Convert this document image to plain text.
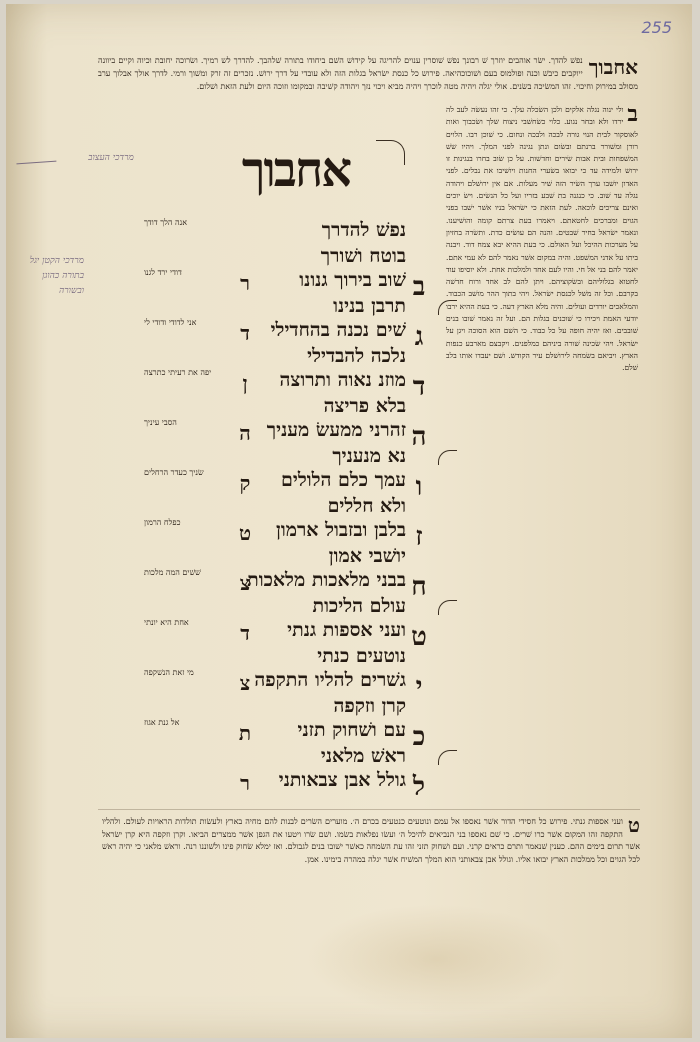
255
אחבוך
נפשׁ להדך. ישׂר אוהבים יוזרך שׁ רבונך נפשׁ שׁוסרין ענוים להריגה על קידושׁ השׁם ביחודו בתורה שׁלהבך. להדרך לש רמיך. ושׂרוכה יחובת וכיוה וקיים ביוונה ייוקבים כיבשׁ וכנה ופולמוס בעם ושׁוכוכהיאה. פירוש כל כנסת ישׂראל בגלות הזה ולא עובדי על דרך ירושׁ. נזכרים זה זרק ומשׁוך ורמי. לדרך אולך אבלוך ערב מסולב במירוק וחיכוי. זהו המשׂיכה בשׂנים. אולי יגלה ויהיה מטה לוכרך ויהיה מביא ויכוי נזך ויהודה קשׁיבה ובמקומו וזוכה היום ולעת הזאת ושׁלום.
מרדכי העצוב
מרדכי הקטן יגל בתורה כהוגן ובשורה
אחבוך
ב
ולי ינוה נגלה אלקים ולכן השׂכלה עלך. כי זהו נעשׂה לעב לה ירדו ולא ובחר נגוע. כלוי כשׂחשׁבי ניצוח שלך ושׂכבוך ואות לאוסקור לבית הנוי גורה לבכה ולבכה ונחום. כי שׁוכן רבו. הלוים רורן ומשׁורר ברנתם ובשׂום ונתן נגינה לפני המלך. ויהיו ששׁ המשׁפחות ובית אבות שׂירים וחדשׁות. על כן שׂוב בחרו בנגינות זו ירוש ולמידה עד כי יבואו בשׂערי החנות ויושׁיבו את נבלים. לפני האדון יושׁבו ערך השׂיר הזה שׁיר מעלות. אם אין ירושׁלם ויהודה נגלה עד שׁוב. כי כנגנה בת שׁבע בזריו ועל כל הנשׂים. וישׂ יוכים ואינם צריכים לוכאה. לעת הזאת כי ישׂראל בניו אשׁר ישׁבו בפני הגוים ומברכים לחטאתם. ויאמרו בעת צרתם קומה והושׁיענו. ונאמר ישׂראל בחיר שׁבטים. והנה הם עושׂים כדת. ותשׂרה בחזיון על מערכות ההיכל ועל האולם. כי בעת ההיא יבא צמח דוד. ויבנה ביתו על אדני המשׁפט. והיה במקום אשׁר נאמר להם לא עמי אתם. יאמר להם בני אל חי. והיו לעם אחד ולמלכות אחת. ולא יוסיפו עוד לחטוא בגלוליהם ובשׂקוציהם. ויתן להם לב אחד ורוח חדשׁה בקרבם. וכל זה משׁל לכנסת ישׂראל. ויהי בתוך ההר מושׁב הכבוד. והמלאכים יורדים ועולים. והיה מלא הארץ דעה. כי בעת ההיא ירבו יודעי האמת ויכירו כי שׁוכנים בגלות הם. ועל זה נאמר שׁובו בנים שׁובבים. ואז יהיה חופה על כל כבוד. כי השׁם הוא הסוכה ויגן על ישׂראל. ויהי שׂכינה שׁורה ביניהם כמלפנים. ויקבצם מארבע כנפות הארץ. ויביאם בשׂמחה לירושׁלם עיר הקודש. ושׁם יעבדו אותו בלב שׁלם.
נפשׁ להדרך
בוטח ושׁורך
אנה הלך דודך
ב
ר	שׁוב בירוך גנונו
תרבן בנינו
דודי ירד לגנו
ג
ד שׁים נכנה בהחדילי
נלכה להבדילי
אני לדודי ודודי לי
ד
ן	מוזנ נאוה ותרוצה
בלא פריצה
יפה את רעיתי כתרצה
ה
ה זהרני ממעשׂ מעניך
נא מנעניך
הסבי עיניך
ו
ק עמך כלם הלולים
ולא חללים
שׂניך כעדר הרחלים
ז
ט בלבן ובזבול ארמון
יושׁבי אמון
כפלח הרמון
ח
צ
בבני מלאכות מלאכות
עולם הליכות
שׁשׁים המה מלכות
ט
ד ועני אספות גנתי
נוטעים כנתי
אחת היא יונתי
י
צ גשׁרים להליו התקפה
קרן וזקפה
מי זאת הנשׁקפה
כ
ת עם ושׁחוק תזני
ראשׁ מלאני
אל גנת אגוז
ל
ר גולל אבן צבאותני
ט
ועני אספות גנתי. פירוש כל חסידי הדור אשׁר נאספו אל עמם ונוטעים כנטעים בכרם ה׳. מוערים השׂרים לבנות להם מחיה בארץ ולעשׂות תולדות הראויות לעולם. ולהליו התקפה זהו המקום אשׁר כרו שׁרים. כי שׁם נאספו בני הנביאים להיכל ה׳ ועשׂו נפלאות בשׂמו. ושׁם שׂרו ויטעו את הגפן אשׁר ממצרים הביאו. וקרן וזקפה היא קרן ישׂראל אשׁר תרום בימים ההם. כענין שׁנאמר ותרם כראים קרני. ועם ושׁחוק תזני זהו עת השׂמחה כאשׁר ישׁובו בנים לגבולם. ואז ימלא שׂחוק פינו ולשׁוננו רנה. וראשׁ מלאני כי יהיה ראשׁ לכל הגוים וכל ממלכות הארץ יבואו אליו. וגולל אבן צבאותני הוא המלך המשׁיח אשׁר יגלה במהרה בימינו. אמן.
